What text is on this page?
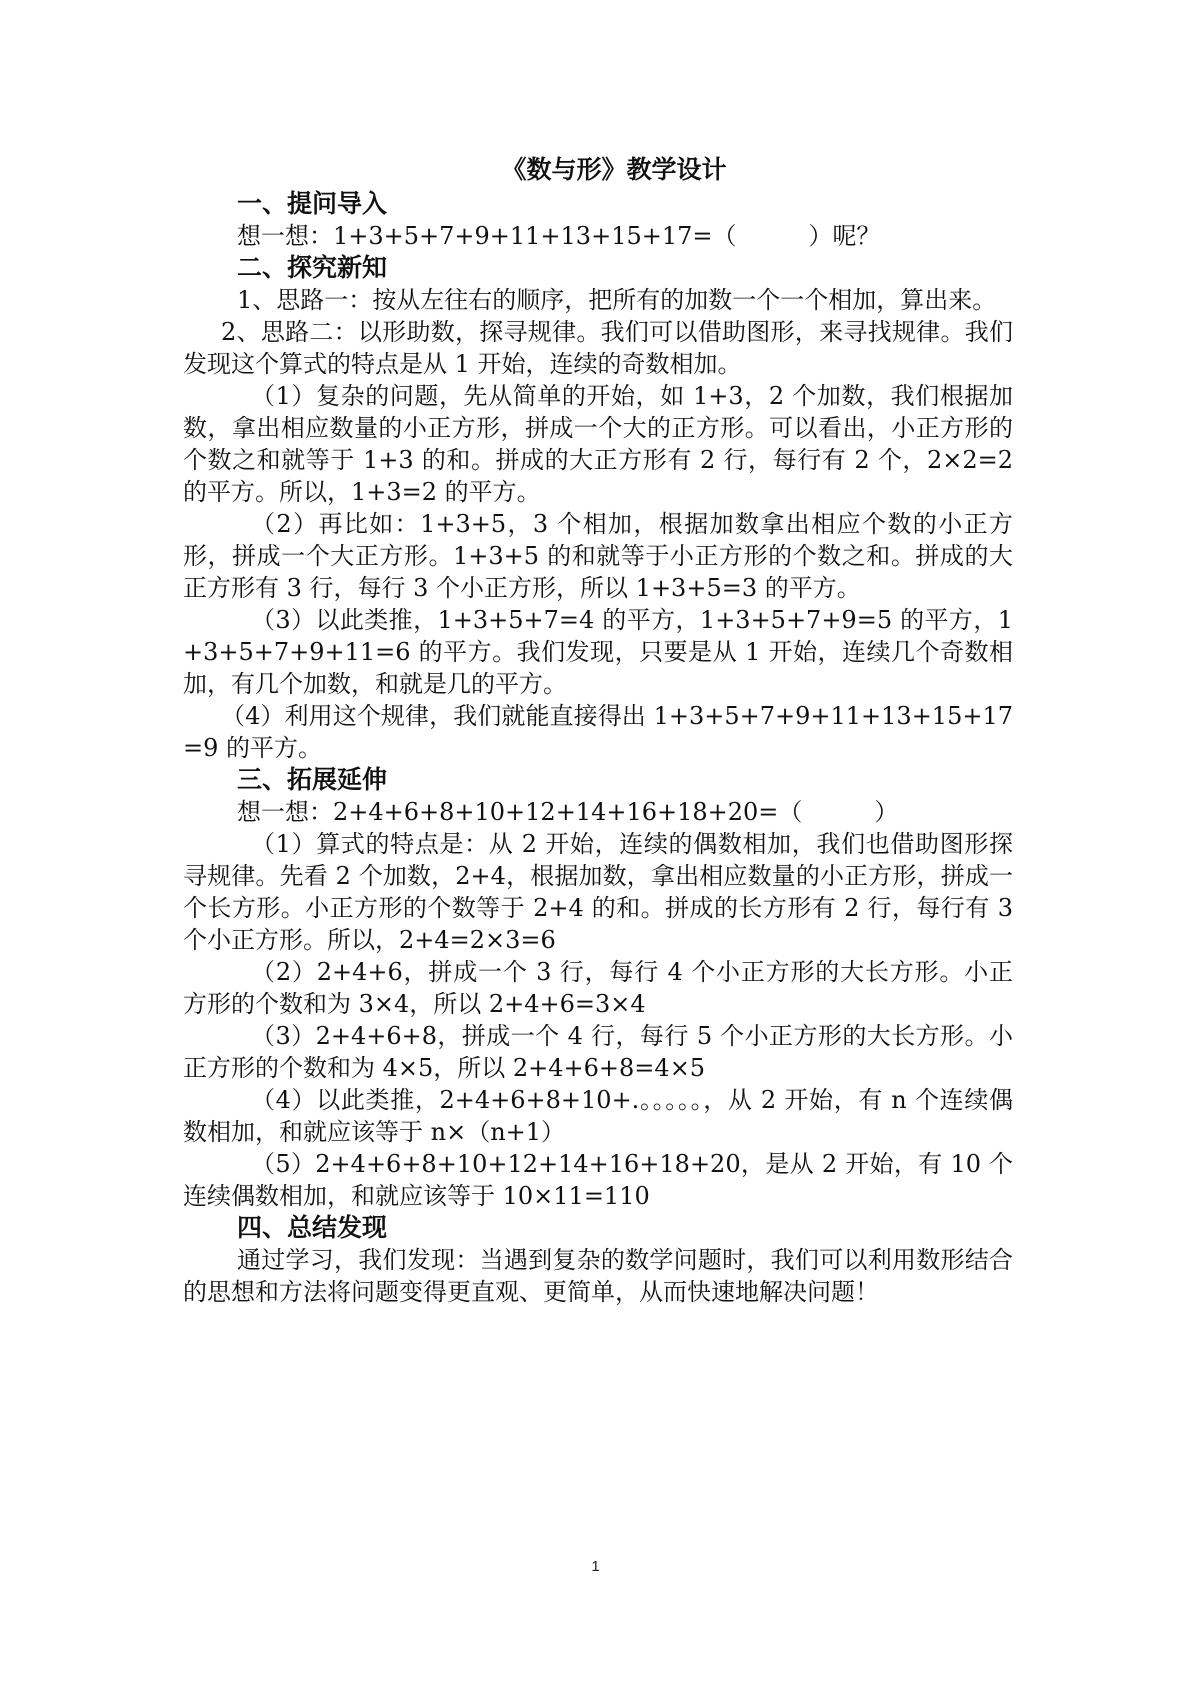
《数与形》教学设计
一、提问导入

想一想：1+3+5+7+9+11+13+15+17=（　　　）呢？

二、探究新知

1、思路一：按从左往右的顺序，把所有的加数一个一个相加，算出来。

2、思路二：以形助数，探寻规律。我们可以借助图形，来寻找规律。我们发现这个算式的特点是从 1 开始，连续的奇数相加。

（1）复杂的问题，先从简单的开始，如 1+3，2 个加数，我们根据加数，拿出相应数量的小正方形，拼成一个大的正方形。可以看出，小正方形的个数之和就等于 1+3 的和。拼成的大正方形有 2 行，每行有 2 个，2×2=2 的平方。所以，1+3=2 的平方。

（2）再比如：1+3+5，3 个相加，根据加数拿出相应个数的小正方形，拼成一个大正方形。1+3+5 的和就等于小正方形的个数之和。拼成的大正方形有 3 行，每行 3 个小正方形，所以 1+3+5=3 的平方。

（3）以此类推，1+3+5+7=4 的平方，1+3+5+7+9=5 的平方，1+3+5+7+9+11=6 的平方。我们发现，只要是从 1 开始，连续几个奇数相加，有几个加数，和就是几的平方。

（4）利用这个规律，我们就能直接得出 1+3+5+7+9+11+13+15+17=9 的平方。

三、拓展延伸

想一想：2+4+6+8+10+12+14+16+18+20=（　　　）

（1）算式的特点是：从 2 开始，连续的偶数相加，我们也借助图形探寻规律。先看 2 个加数，2+4，根据加数，拿出相应数量的小正方形，拼成一个长方形。小正方形的个数等于 2+4 的和。拼成的长方形有 2 行，每行有 3 个小正方形。所以，2+4=2×3=6

（2）2+4+6，拼成一个 3 行，每行 4 个小正方形的大长方形。小正方形的个数和为 3×4，所以 2+4+6=3×4

（3）2+4+6+8，拼成一个 4 行，每行 5 个小正方形的大长方形。小正方形的个数和为 4×5，所以 2+4+6+8=4×5

（4）以此类推，2+4+6+8+10+.。。。。。，从 2 开始，有 n 个连续偶数相加，和就应该等于 n×（n+1）

（5）2+4+6+8+10+12+14+16+18+20，是从 2 开始，有 10 个连续偶数相加，和就应该等于 10×11=110

四、总结发现

通过学习，我们发现：当遇到复杂的数学问题时，我们可以利用数形结合的思想和方法将问题变得更直观、更简单，从而快速地解决问题！

1
